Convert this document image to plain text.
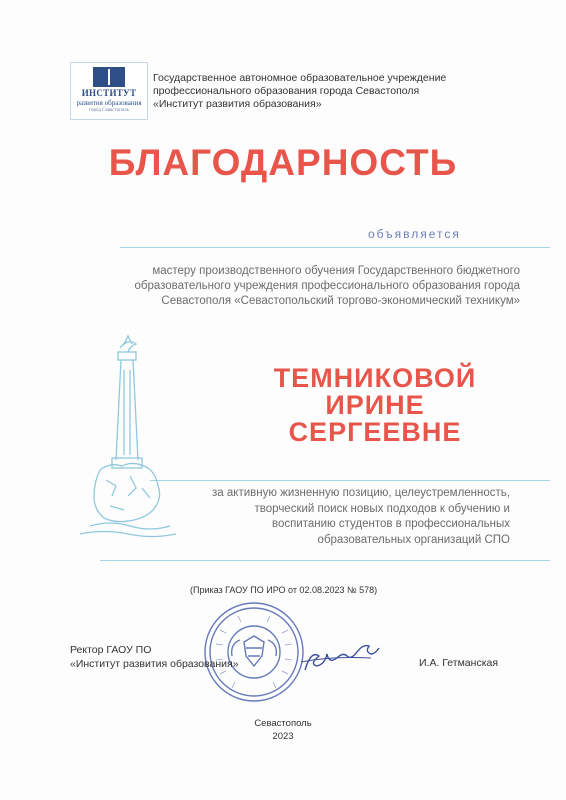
ИНСТИТУТ
развития образования
город Севастополь
Государственное автономное образовательное учреждение
профессионального образования города Севастополя
«Институт развития образования»
БЛАГОДАРНОСТЬ
объявляется
мастеру производственного обучения Государственного бюджетного
образовательного учреждения профессионального образования города
Севастополя «Севастопольский торгово-экономический техникум»
ТЕМНИКОВОЙ
ИРИНЕ
СЕРГЕЕВНЕ
за активную жизненную позицию, целеустремленность,
творческий поиск новых подходов к обучению и
воспитанию студентов в профессиональных
образовательных организаций СПО
(Приказ ГАОУ ПО ИРО от 02.08.2023 № 578)
Ректор ГАОУ ПО
«Институт развития образования»	И.А. Гетманская
Севастополь
2023
